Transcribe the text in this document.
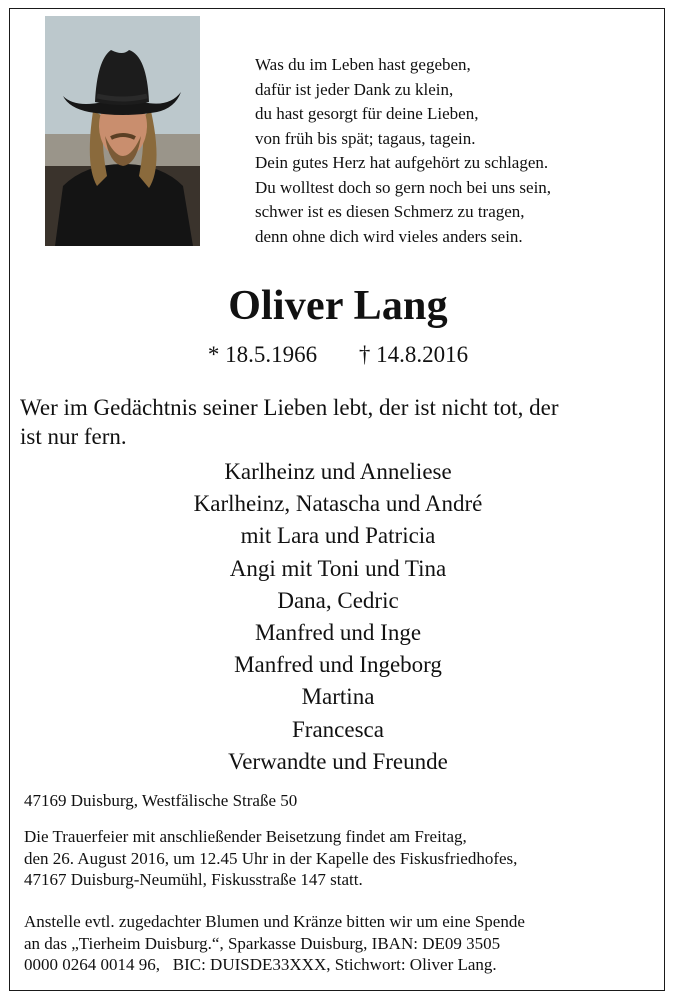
Was du im Leben hast gegeben,
dafür ist jeder Dank zu klein,
du hast gesorgt für deine Lieben,
von früh bis spät; tagaus, tagein.
Dein gutes Herz hat aufgehört zu schlagen.
Du wolltest doch so gern noch bei uns sein,
schwer ist es diesen Schmerz zu tragen,
denn ohne dich wird vieles anders sein.
Oliver Lang
* 18.5.1966 † 14.8.2016
Wer im Gedächtnis seiner Lieben lebt, der ist nicht tot, der
ist nur fern.
Karlheinz und Anneliese
Karlheinz, Natascha und André
mit Lara und Patricia
Angi mit Toni und Tina
Dana, Cedric
Manfred und Inge
Manfred und Ingeborg
Martina
Francesca
Verwandte und Freunde
47169 Duisburg, Westfälische Straße 50
Die Trauerfeier mit anschließender Beisetzung findet am Freitag,
den 26. August 2016, um 12.45 Uhr in der Kapelle des Fiskusfriedhofes,
47167 Duisburg-Neumühl, Fiskusstraße 147 statt.
Anstelle evtl. zugedachter Blumen und Kränze bitten wir um eine Spende
an das „Tierheim Duisburg.“, Sparkasse Duisburg, IBAN: DE09 3505
0000 0264 0014 96,   BIC: DUISDE33XXX, Stichwort: Oliver Lang.
